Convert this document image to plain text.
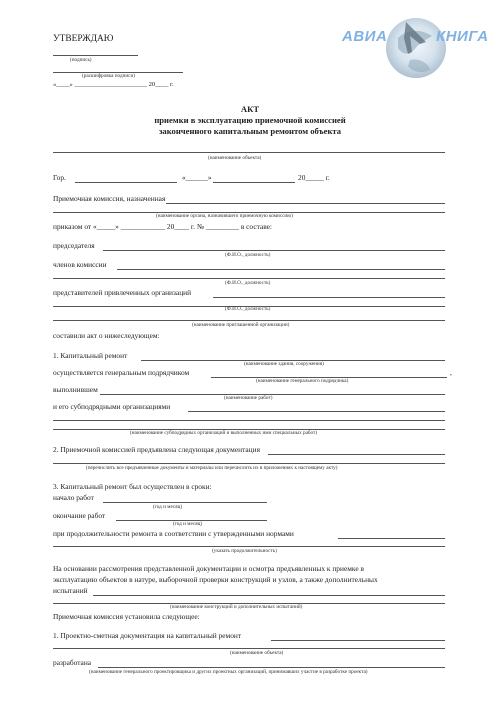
АВИА	КНИГА
УТВЕРЖДАЮ
(подпись)
(расшифровка подписи)
«____» ______________________ 20____ г.
АКТ
приемки в эксплуатацию приемочной комиссией
законченного капитальным ремонтом объекта
(наименование объекта)
Гор.	«______»	20_____ г.
Приемочная комиссия, назначенная
(наименование органа, назначившего приемочную комиссию)
приказом от «_____» ____________ 20____ г. № _________ в составе:
председателя
(Ф.И.О., должность)
членов комиссии
(Ф.И.О., должность)
представителей привлеченных организаций
(Ф.И.О., должность)
(наименование приглашенной организации)
составили акт о нижеследующем:
1. Капитальный ремонт
(наименование здания, сооружения)
осуществляется генеральным подрядчиком	,
(наименование генерального подрядчика)
выполнившем
(наименование работ)
и его субподрядными организациями
(наименование субподрядных организаций и выполненных ими специальных работ)
2. Приемочной комиссией предъявлена следующая документация
(перечислить все предъявленные документы и материалы или перечислить их в приложениях к настоящему акту)
3. Капитальный ремонт был осуществлен в сроки:
начало работ
(год и месяц)
окончание работ
(год и месяц)
при продолжительности ремонта в соответствии с утвержденными нормами
(указать продолжительность)
На основании рассмотрения представленной документации и осмотра предъявленных к приемке в
эксплуатацию объектов в натуре, выборочной проверки конструкций и узлов, а также дополнительных
испытаний
(наименование конструкций и дополнительных испытаний)
Приемочная комиссия установила следующее:
1. Проектно-сметная документация на капитальный ремонт
(наименование объекта)
разработана
(наименование генерального проектировщика и других проектных организаций, принимавших участие в разработке проекта)
